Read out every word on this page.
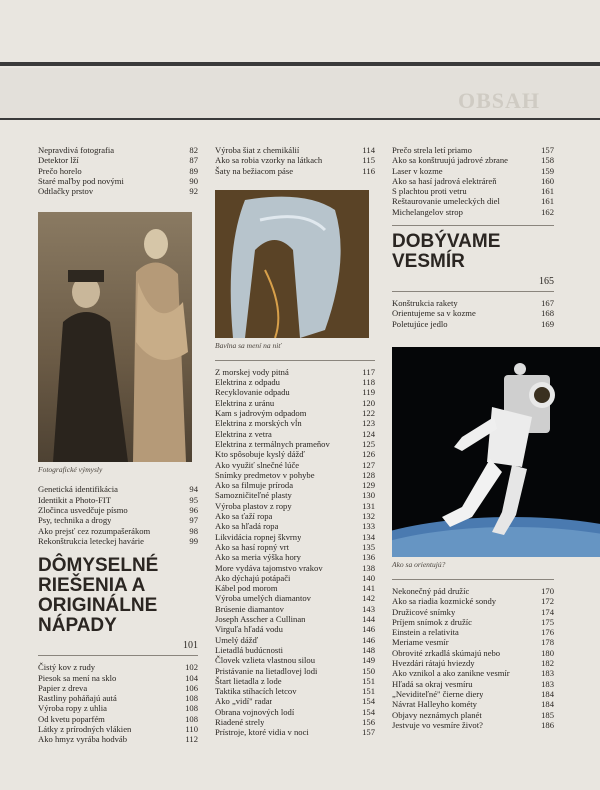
OBSAH
Nepravdivá fotografia	82
Detektor lží	87
Prečo horelo	89
Staré maľby pod novými	90
Odtlačky prstov	92
Fotografické výmysly
Genetická identifikácia	94
Identikit a Photo-FIT	95
Zločinca usvedčuje písmo	96
Psy, technika a drogy	97
Ako prejsť cez rozumpašerákom	98
Rekonštrukcia leteckej havárie	99
DÔMYSELNÉ RIEŠENIA A ORIGINÁLNE NÁPADY
101
Čistý kov z rudy	102
Piesok sa mení na sklo	104
Papier z dreva	106
Rastliny poháňajú autá	108
Výroba ropy z uhlia	108
Od kvetu poparfém	108
Látky z prírodných vlákien	110
Ako hmyz vyrába hodváb	112
Výroba šiat z chemikálií	114
Ako sa robia vzorky na látkach	115
Šaty na bežiacom páse	116
Bavlna sa mení na niť
Z morskej vody pitná	117
Elektrina z odpadu	118
Recyklovanie odpadu	119
Elektrina z uránu	120
Kam s jadrovým odpadom	122
Elektrina z morských vĺn	123
Elektrina z vetra	124
Elektrina z termálnych prameňov	125
Kto spôsobuje kyslý dážď	126
Ako využiť slnečné lúče	127
Snímky predmetov v pohybe	128
Ako sa filmuje príroda	129
Samozničiteľné plasty	130
Výroba plastov z ropy	131
Ako sa ťaží ropa	132
Ako sa hľadá ropa	133
Likvidácia ropnej škvrny	134
Ako sa hasí ropný vrt	135
Ako sa meria výška hory	136
More vydáva tajomstvo vrakov	138
Ako dýchajú potápači	140
Kábel pod morom	141
Výroba umelých diamantov	142
Brúsenie diamantov	143
Joseph Asscher a Cullinan	144
Virguľa hľadá vodu	146
Umelý dážď	146
Lietadlá budúcnosti	148
Človek vzlieta vlastnou silou	149
Pristávanie na lietadlovej lodi	150
Štart lietadla z lode	151
Taktika stíhacích letcov	151
Ako „vidí" radar	154
Obrana vojnových lodí	154
Riadené strely	156
Prístroje, ktoré vidia v noci	157
Prečo strela letí priamo	157
Ako sa konštruujú jadrové zbrane	158
Laser v kozme	159
Ako sa hasí jadrová elektráreň	160
S plachtou proti vetru	161
Reštaurovanie umeleckých diel	161
Michelangelov strop	162
DOBÝVAME VESMÍR
165
Konštrukcia rakety	167
Orientujeme sa v kozme	168
Poletujúce jedlo	169
Ako sa orientujú?
Nekonečný pád družíc	170
Ako sa riadia kozmické sondy	172
Družicové snímky	174
Príjem snímok z družíc	175
Einstein a relativita	176
Meriame vesmír	178
Obrovité zrkadlá skúmajú nebo	180
Hvezdári rátajú hviezdy	182
Ako vznikol a ako zanikne vesmír	183
Hľadá sa okraj vesmíru	183
„Neviditeľné" čierne diery	184
Návrat Halleyho kométy	184
Objavy neznámych planét	185
Jestvuje vo vesmíre život?	186
